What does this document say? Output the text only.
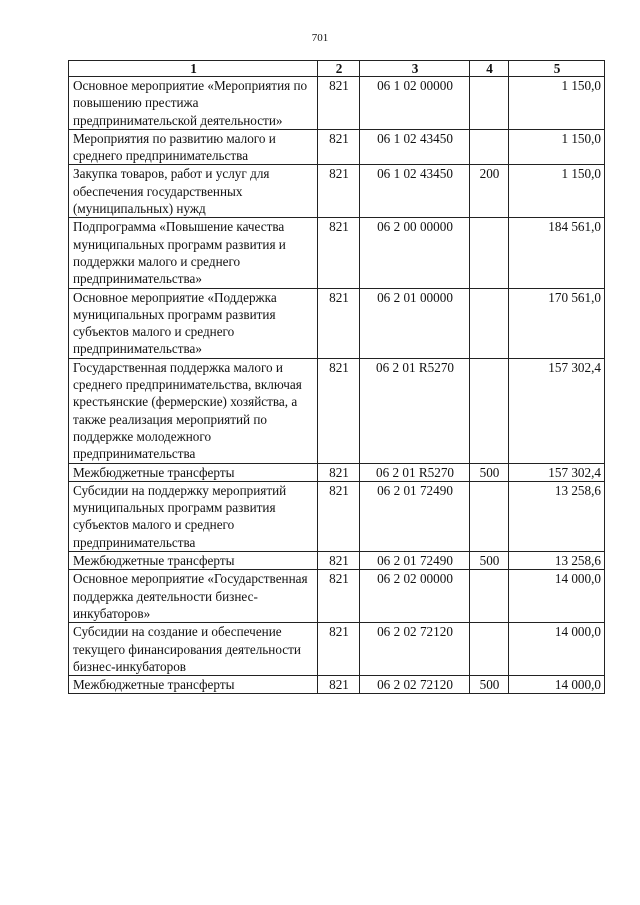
701
1	2	3	4	5
Основное мероприятие «Мероприятия по повышению престижа предпринимательской деятельности»	821	06 1 02 00000		1 150,0
Мероприятия по развитию малого и среднего предпринимательства	821	06 1 02 43450		1 150,0
Закупка товаров, работ и услуг для обеспечения государственных (муниципальных) нужд	821	06 1 02 43450	200	1 150,0
Подпрограмма «Повышение качества муниципальных программ развития и поддержки малого и среднего предпринимательства»	821	06 2 00 00000		184 561,0
Основное мероприятие «Поддержка муниципальных программ развития субъектов малого и среднего предпринимательства»	821	06 2 01 00000		170 561,0
Государственная поддержка малого и среднего предпринимательства, включая крестьянские (фермерские) хозяйства, а также реализация мероприятий по поддержке молодежного предпринимательства	821	06 2 01 R5270		157 302,4
Межбюджетные трансферты	821	06 2 01 R5270	500	157 302,4
Субсидии на поддержку мероприятий муниципальных программ развития субъектов малого и среднего предпринимательства	821	06 2 01 72490		13 258,6
Межбюджетные трансферты	821	06 2 01 72490	500	13 258,6
Основное мероприятие «Государственная поддержка деятельности бизнес-инкубаторов»	821	06 2 02 00000		14 000,0
Субсидии на создание и обеспечение текущего финансирования деятельности бизнес-инкубаторов	821	06 2 02 72120		14 000,0
Межбюджетные трансферты	821	06 2 02 72120	500	14 000,0
